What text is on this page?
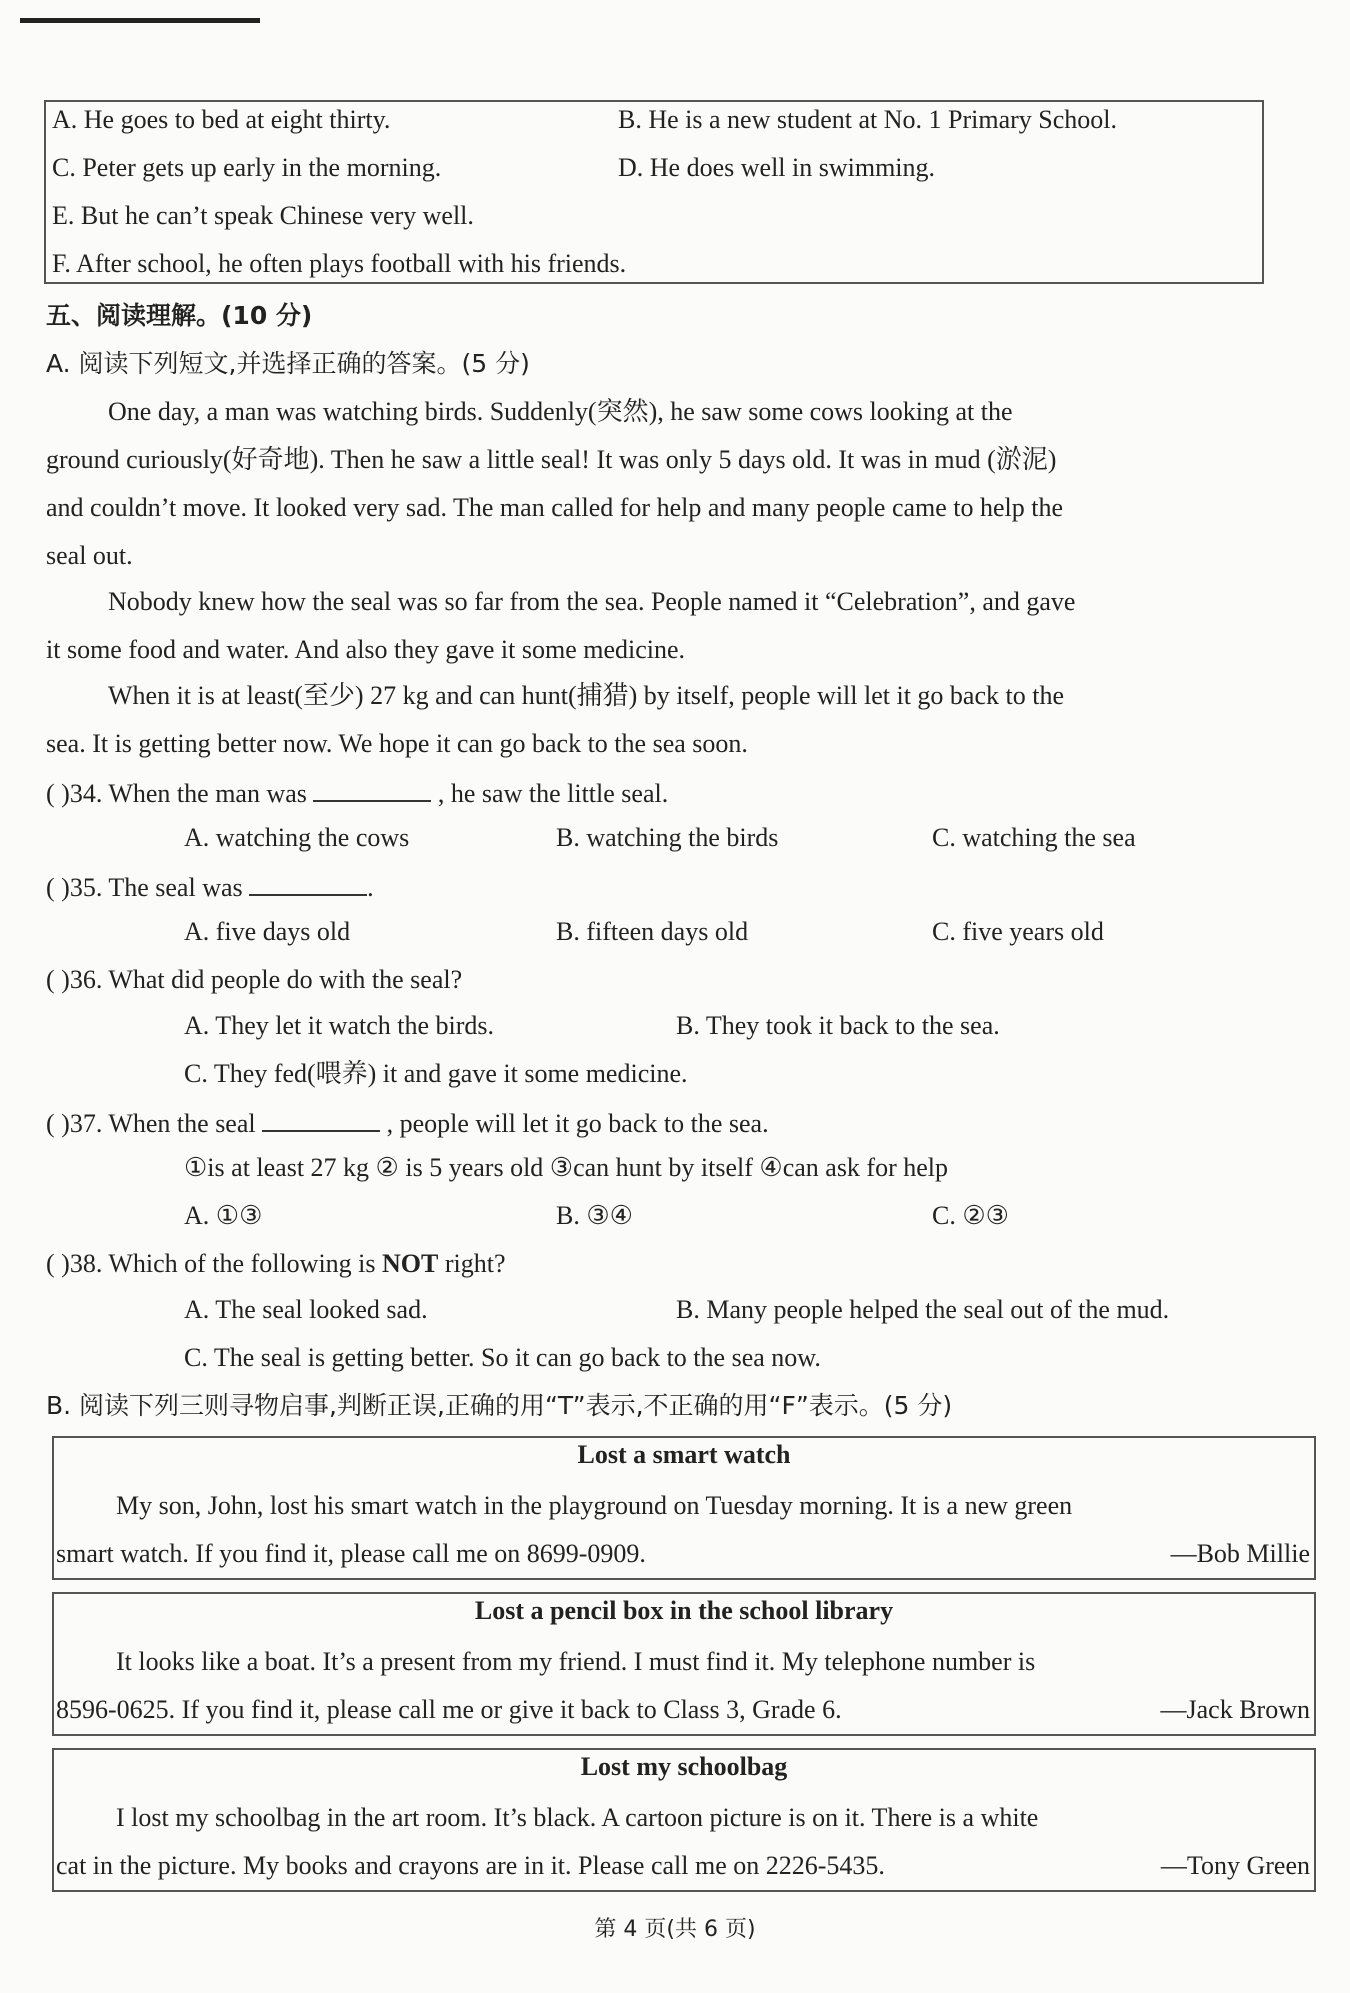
A. He goes to bed at eight thirty.	B. He is a new student at No. 1 Primary School.
C. Peter gets up early in the morning.	D. He does well in swimming.
E. But he can’t speak Chinese very well.
F. After school, he often plays football with his friends.
五、阅读理解。(10 分)
A. 阅读下列短文,并选择正确的答案。(5 分)
One day, a man was watching birds. Suddenly(突然), he saw some cows looking at the
ground curiously(好奇地). Then he saw a little seal! It was only 5 days old. It was in mud (淤泥)
and couldn’t move. It looked very sad. The man called for help and many people came to help the
seal out.
Nobody knew how the seal was so far from the sea. People named it “Celebration”, and gave
it some food and water. And also they gave it some medicine.
When it is at least(至少) 27 kg and can hunt(捕猎) by itself, people will let it go back to the
sea. It is getting better now. We hope it can go back to the sea soon.
( )34. When the man was	, he saw the little seal.
A. watching the cows	B. watching the birds	C. watching the sea
( )35. The seal was	.
A. five days old	B. fifteen days old	C. five years old
( )36. What did people do with the seal?
A. They let it watch the birds.	B. They took it back to the sea.
C. They fed(喂养) it and gave it some medicine.
( )37. When the seal	, people will let it go back to the sea.
①is at least 27 kg ② is 5 years old ③can hunt by itself ④can ask for help
A. ①③	B. ③④	C. ②③
( )38. Which of the following is NOT right?
A. The seal looked sad.	B. Many people helped the seal out of the mud.
C. The seal is getting better. So it can go back to the sea now.
B. 阅读下列三则寻物启事,判断正误,正确的用“T”表示,不正确的用“F”表示。(5 分)
Lost a smart watch
My son, John, lost his smart watch in the playground on Tuesday morning. It is a new green
smart watch. If you find it, please call me on 8699-0909.	—Bob Millie
Lost a pencil box in the school library
It looks like a boat. It’s a present from my friend. I must find it. My telephone number is
8596-0625. If you find it, please call me or give it back to Class 3, Grade 6.	—Jack Brown
Lost my schoolbag
I lost my schoolbag in the art room. It’s black. A cartoon picture is on it. There is a white
cat in the picture. My books and crayons are in it. Please call me on 2226-5435.	—Tony Green
第 4 页(共 6 页)
